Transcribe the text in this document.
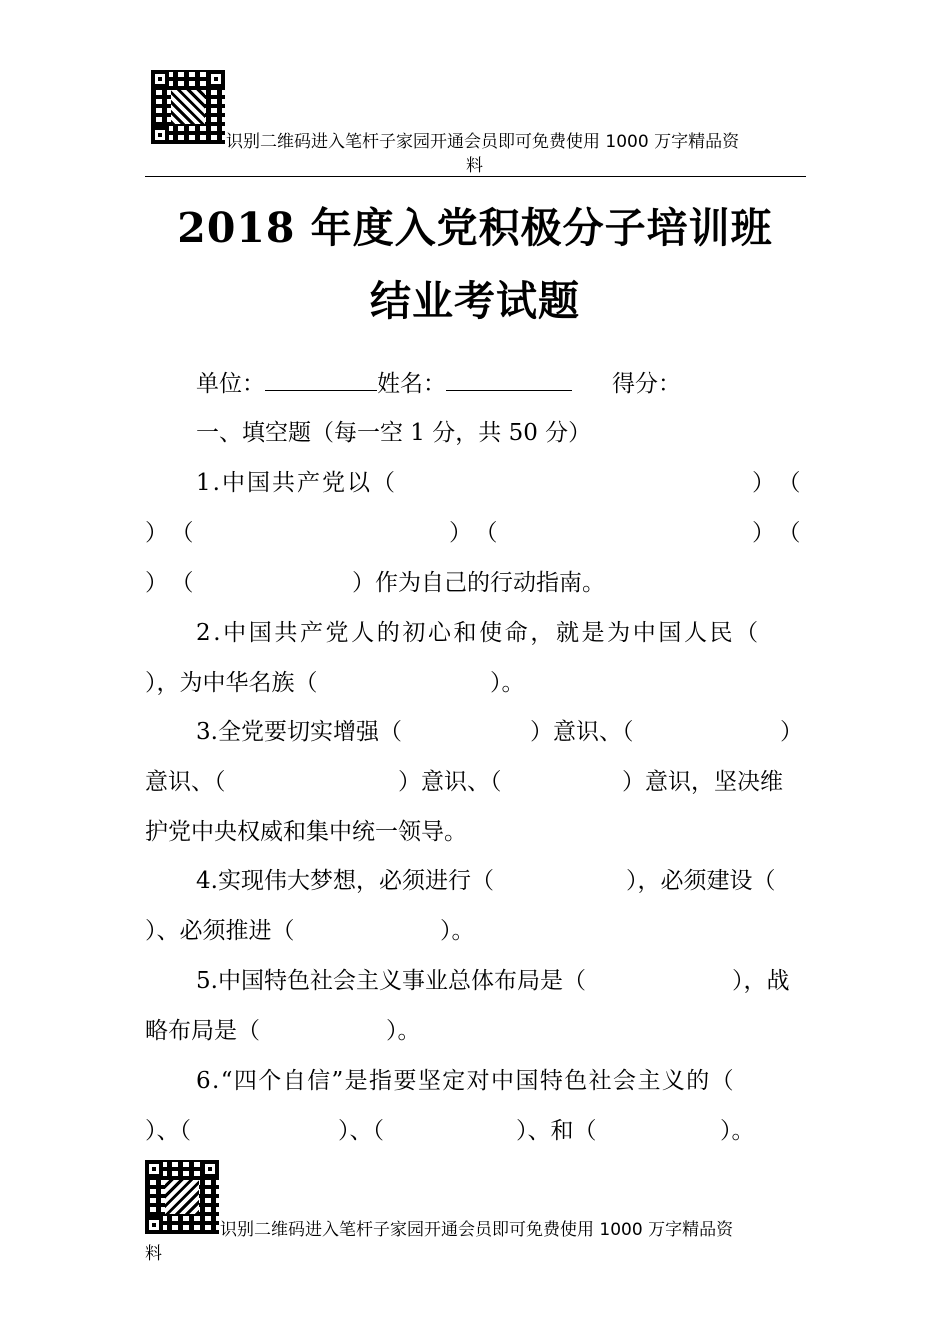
识别二维码进入笔杆子家园开通会员即可免费使用 1000 万字精品资
料
2018 年度入党积极分子培训班
结业考试题
单位：	姓名：	得分：
一、填空题（每一空 1 分，共 50 分）
1.中国共产党以（	）（
）（	）（	）（
）（	）作为自己的行动指南。
2.中国共产党人的初心和使命，就是为中国人民（
），为中华名族（	）。
3.全党要切实增强（	）意识、（	）
意识、（	）意识、（	）意识，坚决维
护党中央权威和集中统一领导。
4.实现伟大梦想，必须进行（	），必须建设（
）、必须推进（	）。
5.中国特色社会主义事业总体布局是（	），战
略布局是（	）。
6.“四个自信”是指要坚定对中国特色社会主义的（
）、（	）、（	）、和（	）。
识别二维码进入笔杆子家园开通会员即可免费使用 1000 万字精品资
料
